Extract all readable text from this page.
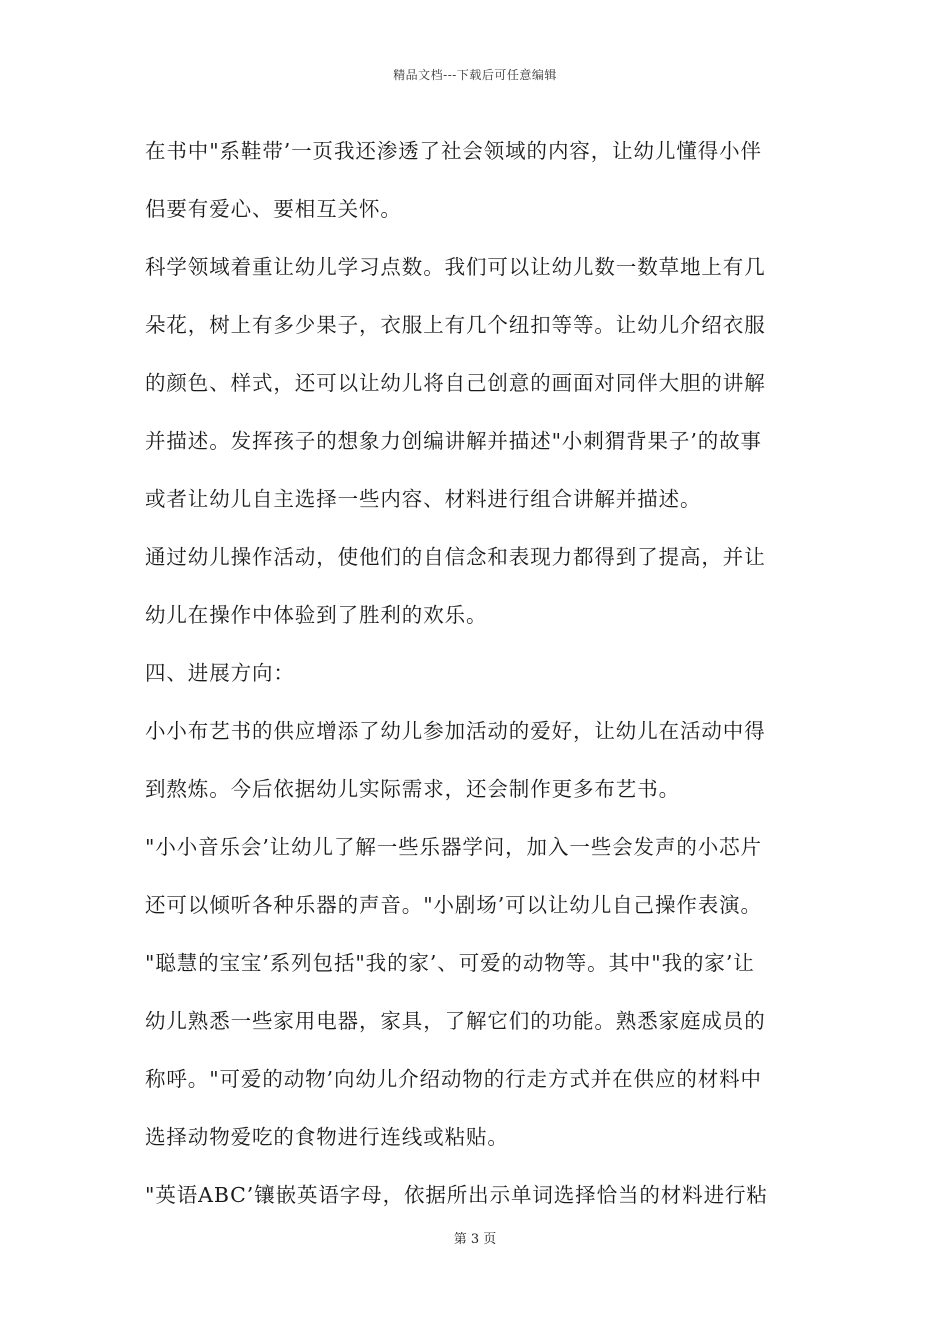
精品文档---下载后可任意编辑
在书中"系鞋带’一页我还渗透了社会领域的内容，让幼儿懂得小伴
侣要有爱心、要相互关怀。
科学领域着重让幼儿学习点数。我们可以让幼儿数一数草地上有几
朵花，树上有多少果子，衣服上有几个纽扣等等。让幼儿介绍衣服
的颜色、样式，还可以让幼儿将自己创意的画面对同伴大胆的讲解
并描述。发挥孩子的想象力创编讲解并描述"小刺猬背果子’的故事
或者让幼儿自主选择一些内容、材料进行组合讲解并描述。
通过幼儿操作活动，使他们的自信念和表现力都得到了提高，并让
幼儿在操作中体验到了胜利的欢乐。
四、进展方向：
小小布艺书的供应增添了幼儿参加活动的爱好，让幼儿在活动中得
到熬炼。今后依据幼儿实际需求，还会制作更多布艺书。
"小小音乐会’让幼儿了解一些乐器学问，加入一些会发声的小芯片
还可以倾听各种乐器的声音。"小剧场’可以让幼儿自己操作表演。
"聪慧的宝宝’系列包括"我的家’、可爱的动物等。其中"我的家’让
幼儿熟悉一些家用电器，家具，了解它们的功能。熟悉家庭成员的
称呼。"可爱的动物’向幼儿介绍动物的行走方式并在供应的材料中
选择动物爱吃的食物进行连线或粘贴。
"英语ABC’镶嵌英语字母，依据所出示单词选择恰当的材料进行粘
第 3 页
